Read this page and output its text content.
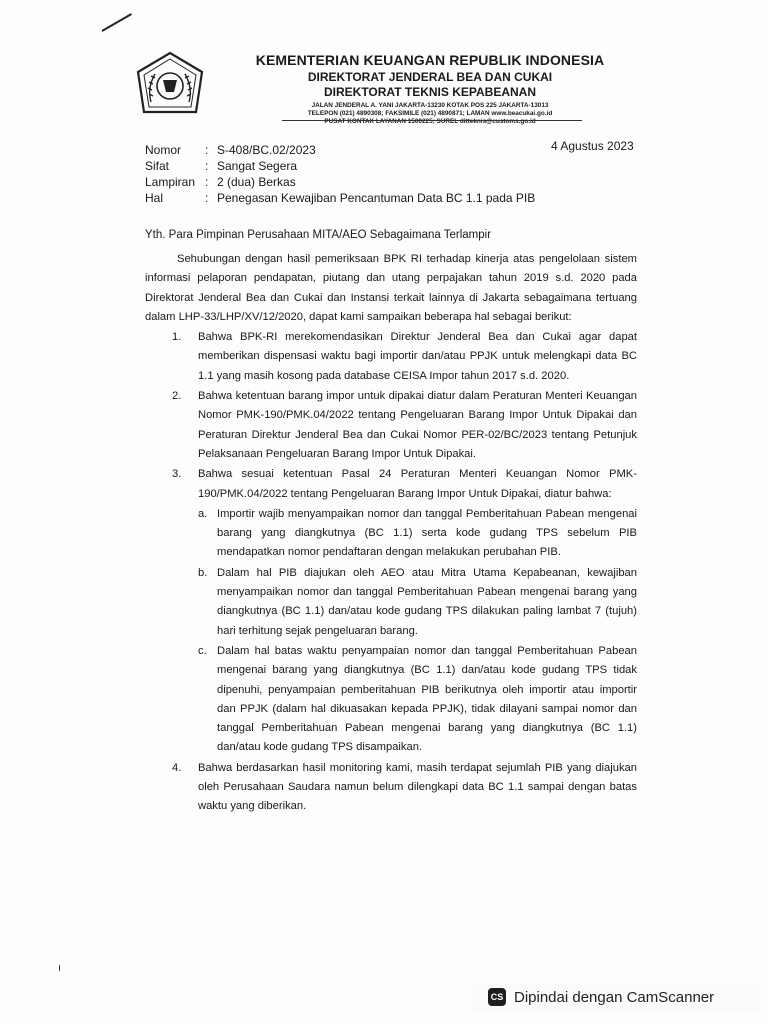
KEMENTERIAN KEUANGAN REPUBLIK INDONESIA
DIREKTORAT JENDERAL BEA DAN CUKAI
DIREKTORAT TEKNIS KEPABEANAN
JALAN JENDERAL A. YANI JAKARTA-13230 KOTAK POS 225 JAKARTA-13013
TELEPON (021) 4890308; FAKSIMILE (021) 4890871; LAMAN www.beacukai.go.id
PUSAT KONTAK LAYANAN 1500225; SUREL ditteknis@customs.go.id
4 Agustus 2023
Nomor	: S-408/BC.02/2023
Sifat	: Sangat Segera
Lampiran : 2 (dua) Berkas
Hal	: Penegasan Kewajiban Pencantuman Data BC 1.1 pada PIB
Yth. Para Pimpinan Perusahaan MITA/AEO Sebagaimana Terlampir

Sehubungan dengan hasil pemeriksaan BPK RI terhadap kinerja atas pengelolaan sistem informasi pelaporan pendapatan, piutang dan utang perpajakan tahun 2019 s.d. 2020 pada Direktorat Jenderal Bea dan Cukai dan Instansi terkait lainnya di Jakarta sebagaimana tertuang dalam LHP-33/LHP/XV/12/2020, dapat kami sampaikan beberapa hal sebagai berikut:

1.	Bahwa BPK-RI merekomendasikan Direktur Jenderal Bea dan Cukai agar dapat memberikan dispensasi waktu bagi importir dan/atau PPJK untuk melengkapi data BC 1.1 yang masih kosong pada database CEISA Impor tahun 2017 s.d. 2020.
2.	Bahwa ketentuan barang impor untuk dipakai diatur dalam Peraturan Menteri Keuangan Nomor PMK-190/PMK.04/2022 tentang Pengeluaran Barang Impor Untuk Dipakai dan Peraturan Direktur Jenderal Bea dan Cukai Nomor PER-02/BC/2023 tentang Petunjuk Pelaksanaan Pengeluaran Barang Impor Untuk Dipakai.
3.	Bahwa sesuai ketentuan Pasal 24 Peraturan Menteri Keuangan Nomor PMK-190/PMK.04/2022 tentang Pengeluaran Barang Impor Untuk Dipakai, diatur bahwa:
a. Importir wajib menyampaikan nomor dan tanggal Pemberitahuan Pabean mengenai barang yang diangkutnya (BC 1.1) serta kode gudang TPS sebelum PIB mendapatkan nomor pendaftaran dengan melakukan perubahan PIB.
b. Dalam hal PIB diajukan oleh AEO atau Mitra Utama Kepabeanan, kewajiban menyampaikan nomor dan tanggal Pemberitahuan Pabean mengenai barang yang diangkutnya (BC 1.1) dan/atau kode gudang TPS dilakukan paling lambat 7 (tujuh) hari terhitung sejak pengeluaran barang.
c. Dalam hal batas waktu penyampaian nomor dan tanggal Pemberitahuan Pabean mengenai barang yang diangkutnya (BC 1.1) dan/atau kode gudang TPS tidak dipenuhi, penyampaian pemberitahuan PIB berikutnya oleh importir atau importir dan PPJK (dalam hal dikuasakan kepada PPJK), tidak dilayani sampai nomor dan tanggal Pemberitahuan Pabean mengenai barang yang diangkutnya (BC 1.1) dan/atau kode gudang TPS disampaikan.
4.	Bahwa berdasarkan hasil monitoring kami, masih terdapat sejumlah PIB yang diajukan oleh Perusahaan Saudara namun belum dilengkapi data BC 1.1 sampai dengan batas waktu yang diberikan.
CS Dipindai dengan CamScanner
